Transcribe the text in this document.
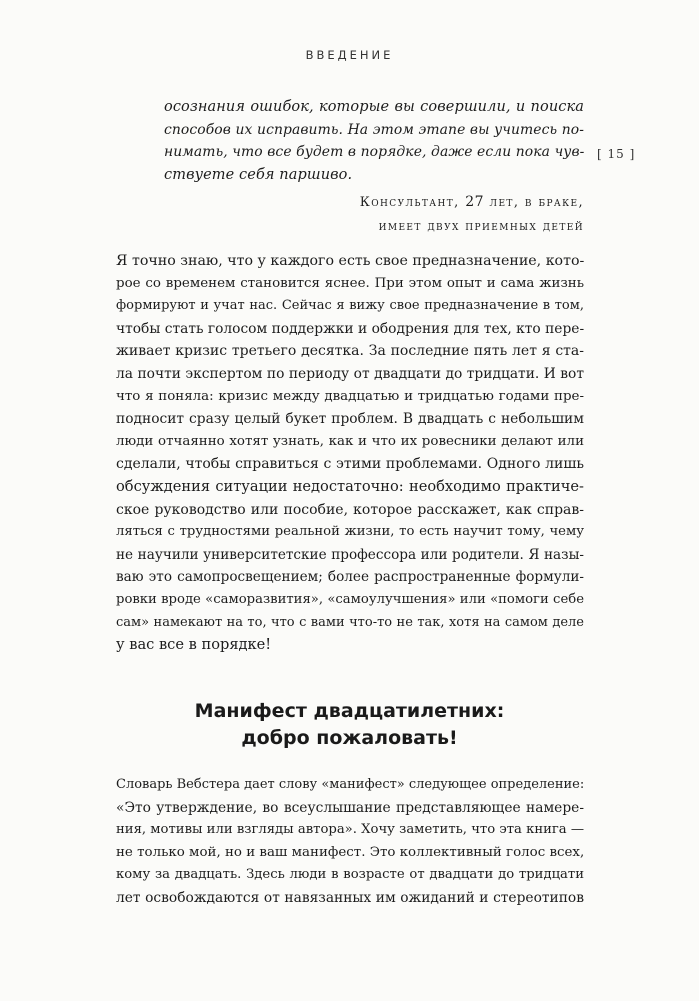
ВВЕДЕНИЕ
[ 15 ]
осознания ошибок, которые вы совершили, и поиска
способов их исправить. На этом этапе вы учитесь по-
нимать, что все будет в порядке, даже если пока чув-
ствуете себя паршиво.
Консультант, 27 лет, в браке,
имеет двух приемных детей
Я точно знаю, что у каждого есть свое предназначение, кото-
рое со временем становится яснее. При этом опыт и сама жизнь
формируют и учат нас. Сейчас я вижу свое предназначение в том,
чтобы стать голосом поддержки и ободрения для тех, кто пере-
живает кризис третьего десятка. За последние пять лет я ста-
ла почти экспертом по периоду от двадцати до тридцати. И вот
что я поняла: кризис между двадцатью и тридцатью годами пре-
подносит сразу целый букет проблем. В двадцать с небольшим
люди отчаянно хотят узнать, как и что их ровесники делают или
сделали, чтобы справиться с этими проблемами. Одного лишь
обсуждения ситуации недостаточно: необходимо практиче-
ское руководство или пособие, которое расскажет, как справ-
ляться с трудностями реальной жизни, то есть научит тому, чему
не научили университетские профессора или родители. Я назы-
ваю это самопросвещением; более распространенные формули-
ровки вроде «саморазвития», «самоулучшения» или «помоги себе
сам» намекают на то, что с вами что-то не так, хотя на самом деле
у вас все в порядке!
Манифест двадцатилетних:
добро пожаловать!
Словарь Вебстера дает слову «манифест» следующее определение:
«Это утверждение, во всеуслышание представляющее намере-
ния, мотивы или взгляды автора». Хочу заметить, что эта книга —
не только мой, но и ваш манифест. Это коллективный голос всех,
кому за двадцать. Здесь люди в возрасте от двадцати до тридцати
лет освобождаются от навязанных им ожиданий и стереотипов
